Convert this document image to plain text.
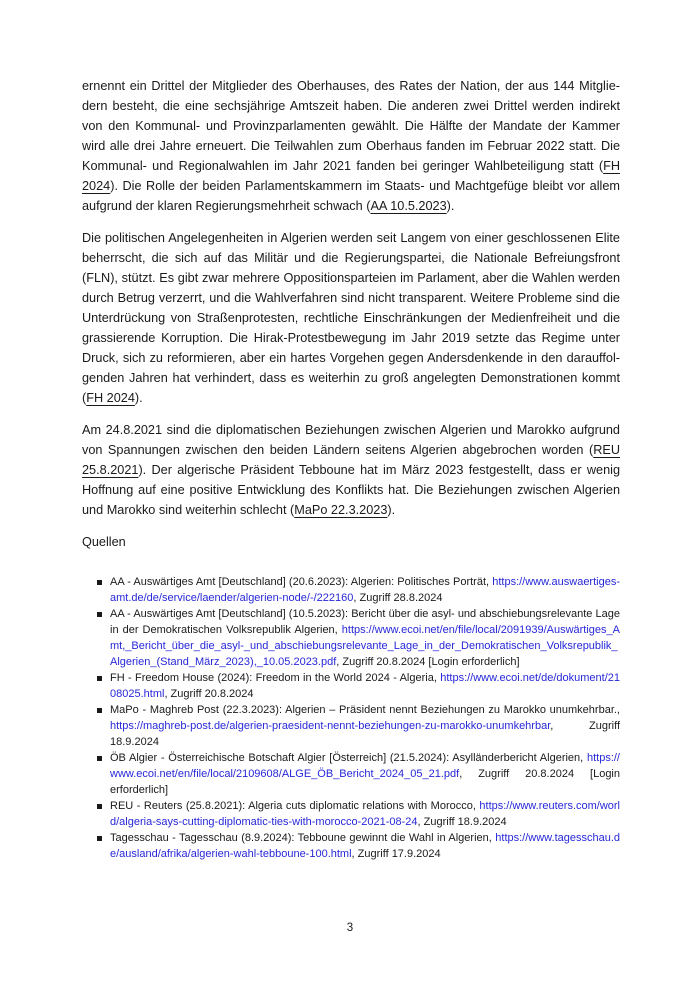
ernennt ein Drittel der Mitglieder des Oberhauses, des Rates der Nation, der aus 144 Mitgliedern besteht, die eine sechsjährige Amtszeit haben. Die anderen zwei Drittel werden indirekt von den Kommunal- und Provinzparlamenten gewählt. Die Hälfte der Mandate der Kammer wird alle drei Jahre erneuert. Die Teilwahlen zum Oberhaus fanden im Februar 2022 statt. Die Kommunal- und Regionalwahlen im Jahr 2021 fanden bei geringer Wahlbeteiligung statt (FH 2024). Die Rolle der beiden Parlamentskammern im Staats- und Machtgefüge bleibt vor allem aufgrund der klaren Regierungsmehrheit schwach (AA 10.5.2023).

Die politischen Angelegenheiten in Algerien werden seit Langem von einer geschlossenen Elite beherrscht, die sich auf das Militär und die Regierungspartei, die Nationale Befreiungsfront (FLN), stützt. Es gibt zwar mehrere Oppositionsparteien im Parlament, aber die Wahlen werden durch Betrug verzerrt, und die Wahlverfahren sind nicht transparent. Weitere Probleme sind die Unterdrückung von Straßenprotesten, rechtliche Einschränkungen der Medienfreiheit und die grassierende Korruption. Die Hirak-Protestbewegung im Jahr 2019 setzte das Regime unter Druck, sich zu reformieren, aber ein hartes Vorgehen gegen Andersdenkende in den darauffolgenden Jahren hat verhindert, dass es weiterhin zu groß angelegten Demonstrationen kommt (FH 2024).

Am 24.8.2021 sind die diplomatischen Beziehungen zwischen Algerien und Marokko aufgrund von Spannungen zwischen den beiden Ländern seitens Algerien abgebrochen worden (REU 25.8.2021). Der algerische Präsident Tebboune hat im März 2023 festgestellt, dass er wenig Hoffnung auf eine positive Entwicklung des Konflikts hat. Die Beziehungen zwischen Algerien und Marokko sind weiterhin schlecht (MaPo 22.3.2023).

Quellen
AA - Auswärtiges Amt [Deutschland] (20.6.2023): Algerien: Politisches Porträt, https://www.auswaertiges-amt.de/de/service/laender/algerien-node/-/222160, Zugriff 28.8.2024
AA - Auswärtiges Amt [Deutschland] (10.5.2023): Bericht über die asyl- und abschiebungsrelevante Lage in der Demokratischen Volksrepublik Algerien, https://www.ecoi.net/en/file/local/2091939/Auswärtiges_Amt,_Bericht_über_die_asyl-_und_abschiebungsrelevante_Lage_in_der_Demokratischen_Volksrepublik_Algerien_(Stand_März_2023),_10.05.2023.pdf, Zugriff 20.8.2024 [Login erforderlich]
FH - Freedom House (2024): Freedom in the World 2024 - Algeria, https://www.ecoi.net/de/dokument/2108025.html, Zugriff 20.8.2024
MaPo - Maghreb Post (22.3.2023): Algerien – Präsident nennt Beziehungen zu Marokko unumkehrbar., https://maghreb-post.de/algerien-praesident-nennt-beziehungen-zu-marokko-unumkehrbar, Zugriff 18.9.2024
ÖB Algier - Österreichische Botschaft Algier [Österreich] (21.5.2024): Asylländerbericht Algerien, https://www.ecoi.net/en/file/local/2109608/ALGE_ÖB_Bericht_2024_05_21.pdf, Zugriff 20.8.2024 [Login erforderlich]
REU - Reuters (25.8.2021): Algeria cuts diplomatic relations with Morocco, https://www.reuters.com/world/algeria-says-cutting-diplomatic-ties-with-morocco-2021-08-24, Zugriff 18.9.2024
Tagesschau - Tagesschau (8.9.2024): Tebboune gewinnt die Wahl in Algerien, https://www.tagesschau.de/ausland/afrika/algerien-wahl-tebboune-100.html, Zugriff 17.9.2024
3
